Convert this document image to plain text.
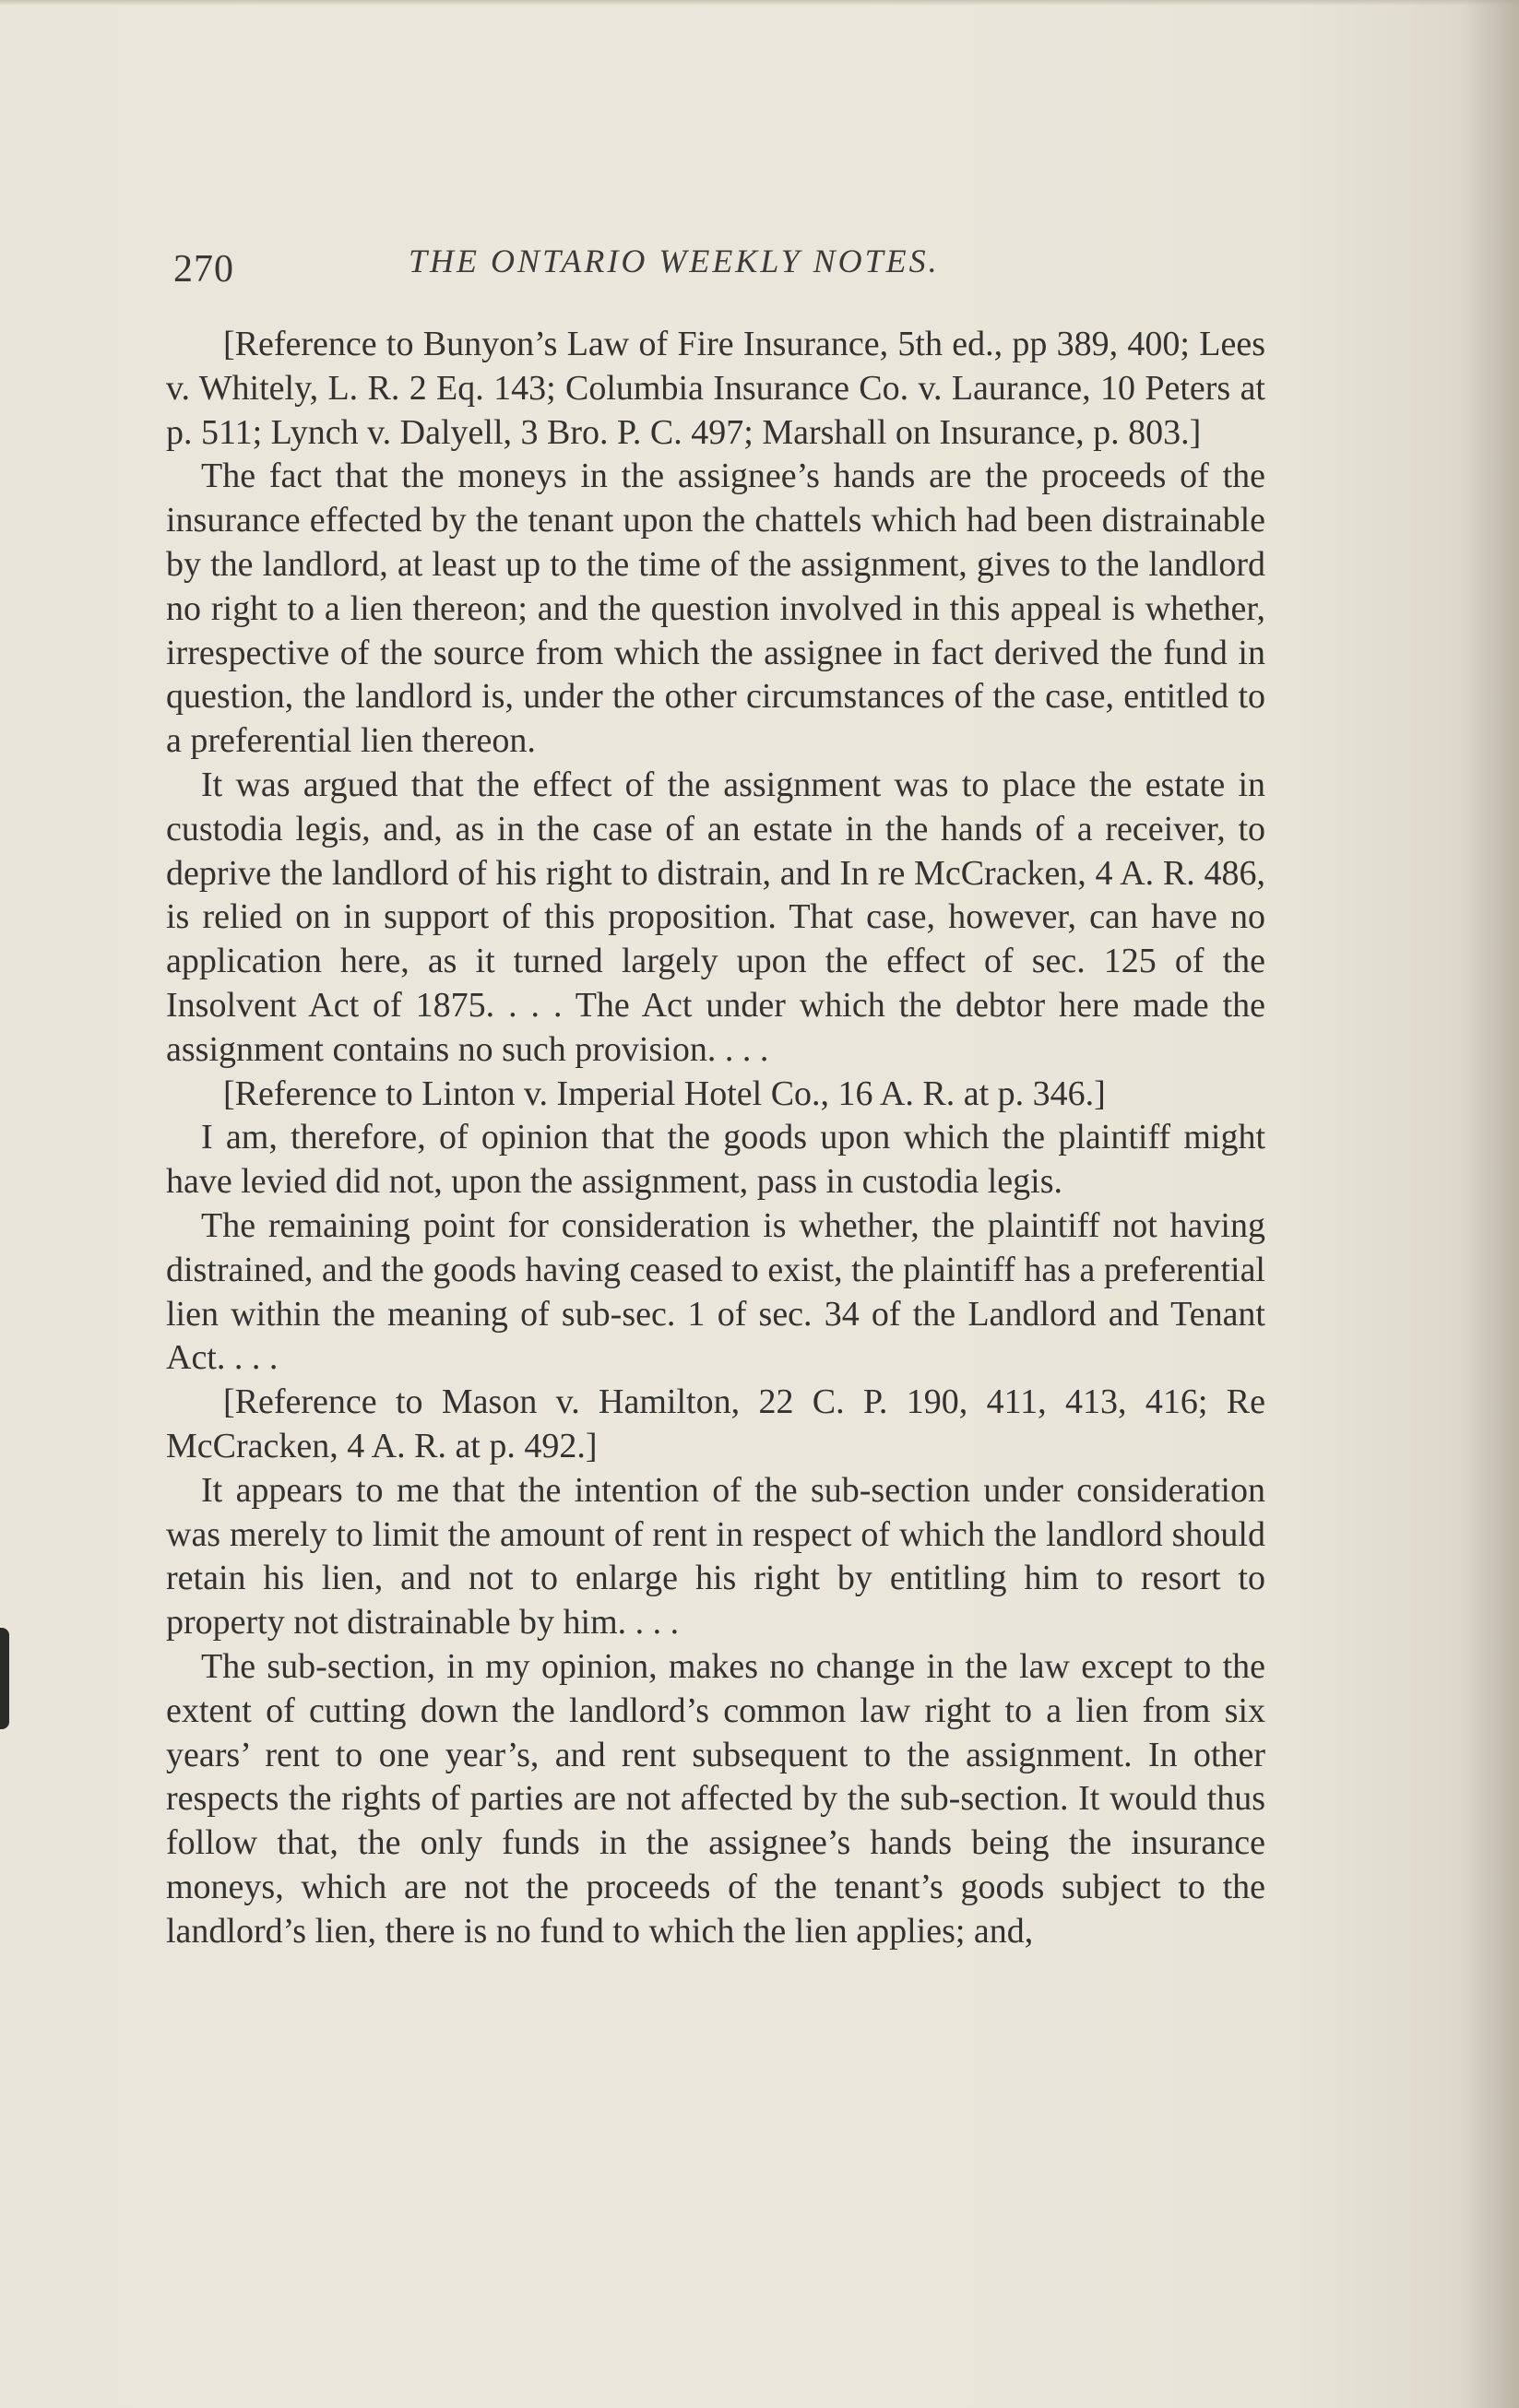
270	THE ONTARIO WEEKLY NOTES.

[Reference to Bunyon’s Law of Fire Insurance, 5th ed., pp 389, 400; Lees v. Whitely, L. R. 2 Eq. 143; Columbia Insurance Co. v. Laurance, 10 Peters at p. 511; Lynch v. Dalyell, 3 Bro. P. C. 497; Marshall on Insurance, p. 803.]

The fact that the moneys in the assignee’s hands are the proceeds of the insurance effected by the tenant upon the chattels which had been distrainable by the landlord, at least up to the time of the assignment, gives to the landlord no right to a lien thereon; and the question involved in this appeal is whether, irrespective of the source from which the assignee in fact derived the fund in question, the landlord is, under the other circumstances of the case, entitled to a preferential lien thereon.

It was argued that the effect of the assignment was to place the estate in custodia legis, and, as in the case of an estate in the hands of a receiver, to deprive the landlord of his right to distrain, and In re McCracken, 4 A. R. 486, is relied on in support of this proposition. That case, however, can have no application here, as it turned largely upon the effect of sec. 125 of the Insolvent Act of 1875. . . . The Act under which the debtor here made the assignment contains no such provision. . . .

[Reference to Linton v. Imperial Hotel Co., 16 A. R. at p. 346.]

I am, therefore, of opinion that the goods upon which the plaintiff might have levied did not, upon the assignment, pass in custodia legis.

The remaining point for consideration is whether, the plaintiff not having distrained, and the goods having ceased to exist, the plaintiff has a preferential lien within the meaning of sub-sec. 1 of sec. 34 of the Landlord and Tenant Act. . . .

[Reference to Mason v. Hamilton, 22 C. P. 190, 411, 413, 416; Re McCracken, 4 A. R. at p. 492.]

It appears to me that the intention of the sub-section under consideration was merely to limit the amount of rent in respect of which the landlord should retain his lien, and not to enlarge his right by entitling him to resort to property not distrainable by him. . . .

The sub-section, in my opinion, makes no change in the law except to the extent of cutting down the landlord’s common law right to a lien from six years’ rent to one year’s, and rent subsequent to the assignment. In other respects the rights of parties are not affected by the sub-section. It would thus follow that, the only funds in the assignee’s hands being the insurance moneys, which are not the proceeds of the tenant’s goods subject to the landlord’s lien, there is no fund to which the lien applies; and,
